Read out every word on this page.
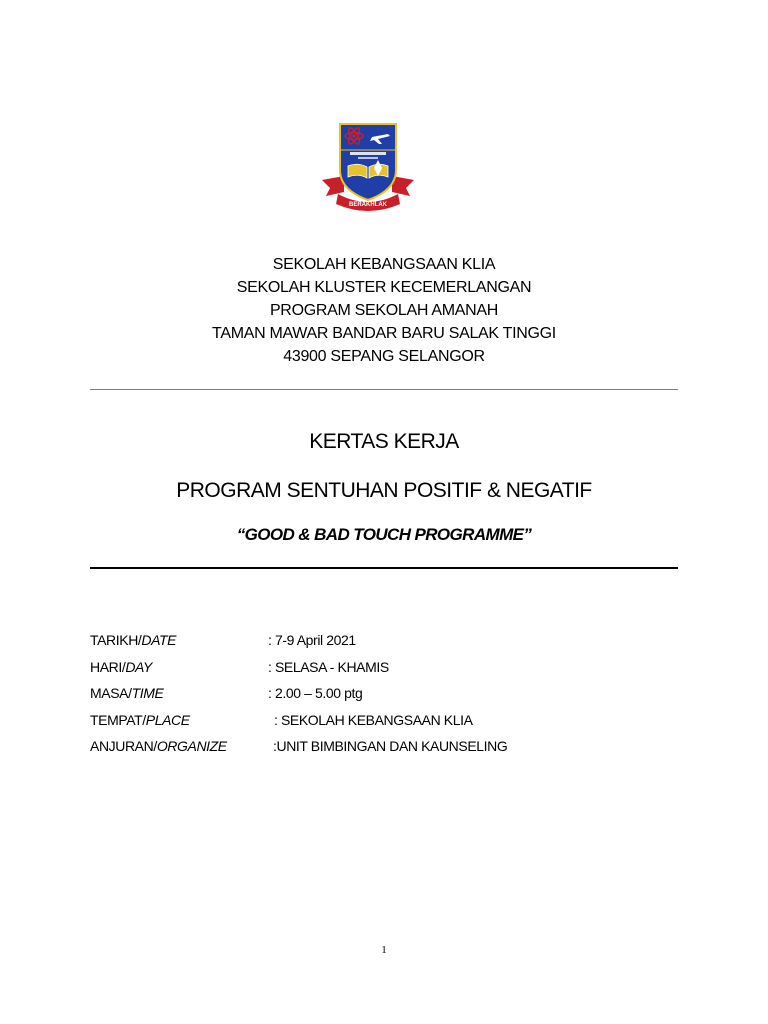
BERAKHLAK
SEKOLAH KEBANGSAAN KLIA
SEKOLAH KLUSTER KECEMERLANGAN
PROGRAM SEKOLAH AMANAH
TAMAN MAWAR BANDAR BARU SALAK TINGGI
43900 SEPANG SELANGOR
KERTAS KERJA
PROGRAM SENTUHAN POSITIF & NEGATIF
“GOOD & BAD TOUCH PROGRAMME”
TARIKH/DATE	: 7-9 April 2021
HARI/DAY	: SELASA - KHAMIS
MASA/TIME	: 2.00 – 5.00 ptg
TEMPAT/PLACE	: SEKOLAH KEBANGSAAN KLIA
ANJURAN/ORGANIZE	:UNIT BIMBINGAN DAN KAUNSELING
1
